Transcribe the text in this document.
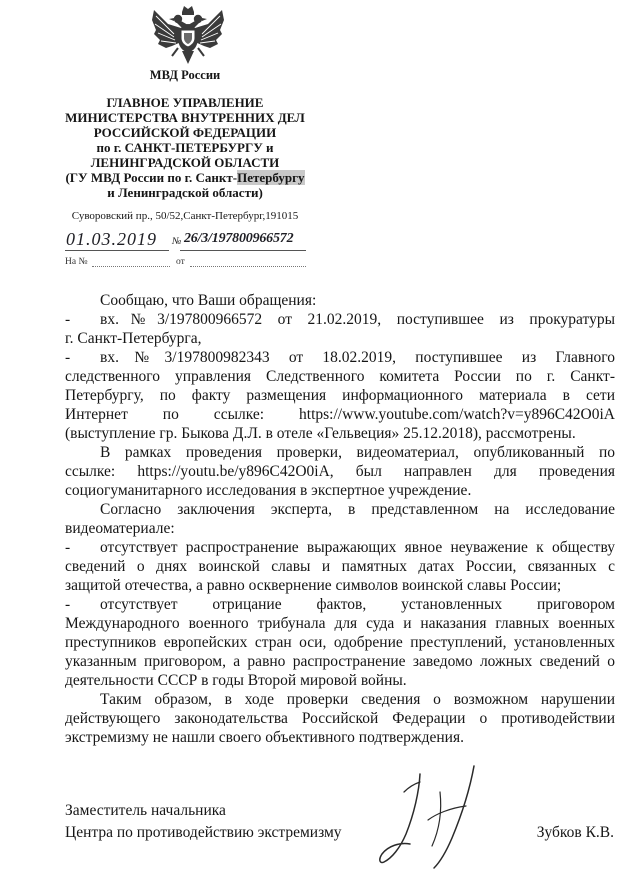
МВД России
ГЛАВНОЕ УПРАВЛЕНИЕ
МИНИСТЕРСТВА ВНУТРЕННИХ ДЕЛ
РОССИЙСКОЙ ФЕДЕРАЦИИ
по г. САНКТ-ПЕТЕРБУРГУ и
ЛЕНИНГРАДСКОЙ ОБЛАСТИ
(ГУ МВД России по г. Санкт-Петербургу
и Ленинградской области)
Суворовский пр., 50/52,Санкт-Петербург,191015
01.03.2019 № 26/3/197800966572
На №	от
Сообщаю, что Ваши обращения:
- вх.№3/197800966572 от 21.02.2019, поступившее из прокуратуры
г. Санкт-Петербурга,
- вх.№3/197800982343 от 18.02.2019, поступившее из Главного
следственного управления Следственного комитета России по г. Санкт-
Петербургу, по факту размещения информационного материала в сети
Интернет по ссылке: https://www.youtube.com/watch?v=y896C42O0iA
(выступление гр. Быкова Д.Л. в отеле «Гельвеция» 25.12.2018), рассмотрены.
В рамках проведения проверки, видеоматериал, опубликованный по
ссылке: https://youtu.be/y896C42O0iA, был направлен для проведения
социогуманитарного исследования в экспертное учреждение.
Согласно заключения эксперта, в представленном на исследование
видеоматериале:
- отсутствует распространение выражающих явное неуважение к обществу
сведений о днях воинской славы и памятных датах России, связанных с
защитой отечества, а равно осквернение символов воинской славы России;
- отсутствует отрицание фактов, установленных приговором
Международного военного трибунала для суда и наказания главных военных
преступников европейских стран оси, одобрение преступлений, установленных
указанным приговором, а равно распространение заведомо ложных сведений о
деятельности СССР в годы Второй мировой войны.
Таким образом, в ходе проверки сведения о возможном нарушении
действующего законодательства Российской Федерации о противодействии
экстремизму не нашли своего объективного подтверждения.
Заместитель начальника
Центра по противодействию экстремизму	Зубков К.В.
